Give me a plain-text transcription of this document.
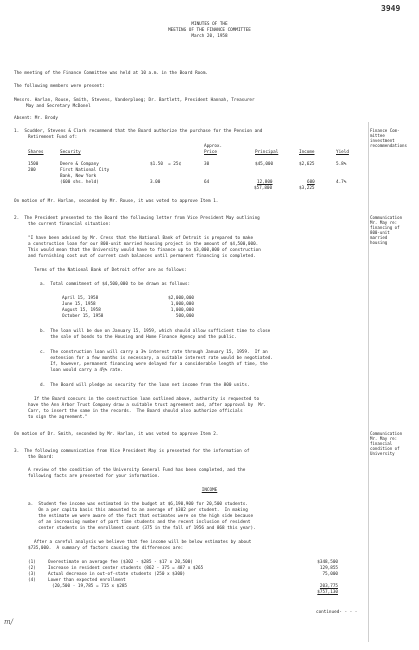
3949
MINUTES OF THE
MEETING OF THE FINANCE COMMITTEE
March 20, 1958
The meeting of the Finance Committee was held at 10 a.m. in the Board Room.
The following members were present:
Messrs. Harlan, Rouse, Smith, Stevens, Vanderploeg; Dr. Bartlett, President Hannah, Treasurer
May and Secretary McDonel
Absent: Mr. Brody
1.  Scudder, Stevens & Clark recommend that the Board authorize the purchase for the Pension and
Retirement Fund of:
Finance Com-
mittee
investment
recommendations
Approx.
Shares	Security	Price	Principal	Income	Yield
1500	Deere & Company	$1.50  = 25¢	30	$45,000	$2,625	5.8%
200	First National City
Bank, New York
(600 shs. held)	3.00	64	12,800	600	4.7%
$57,800	$3,225
On motion of Mr. Harlan, seconded by Mr. Rouse, it was voted to approve Item 1.
2.  The President presented to the Board the following letter from Vice President May outlining
the current financial situation:
Communication
Mr. May re:
financing of
800-unit
married
housing
"I have been advised by Mr. Cress that the National Bank of Detroit is prepared to make
a construction loan for our 800-unit married housing project in the amount of $4,500,000.
This would mean that the University would have to finance up to $3,000,000 of construction
and furnishing cost out of current cash balances until permanent financing is completed.
Terms of the National Bank of Detroit offer are as follows:
a.  Total commitment of $4,500,000 to be drawn as follows:
April 15, 1958	$2,000,000
June 15, 1958	1,000,000
August 15, 1958	1,000,000
October 15, 1958	500,000
b.  The loan will be due on January 15, 1959, which should allow sufficient time to close
the sale of bonds to the Housing and Home Finance Agency and the public.
c.  The construction loan will carry a 3% interest rate through January 15, 1959.  If an
extension for a few months is necessary, a suitable interest rate would be negotiated.
If, however, permanent financing were delayed for a considerable length of time, the
loan would carry a 4½% rate.
d.  The Board will pledge as security for the loan net income from the 800 units.
If the Board concurs in the construction loan outlined above, authority is requested to
have the Ann Arbor Trust Company draw a suitable trust agreement and, after approval by  Mr.
Carr, to insert the same in the records.  The Board should also authorize officials
to sign the agreement."
On motion of Dr. Smith, seconded by Mr. Harlan, it was voted to approve Item 2.
3.  The following communication from Vice President May is presented for the information of
the Board:
Communication
Mr. May re:
financial
condition of
University
A review of the condition of the University General Fund has been completed, and the
following facts are presented for your information.
INCOME
a.  Student fee income was estimated in the budget at $6,190,900 for 20,500 students.
On a per capita basis this amounted to an average of $302 per student.  In making
the estimate we were aware of the fact that estimates were on the high side because
of an increasing number of part time students and the recent inclusion of resident
center students in the enrollment count (375 in the fall of 1956 and 868 this year).
After a careful analysis we believe that fee income will be below estimates by about
$735,000.  A summary of factors causing the differences are:
(1)	Overestimate on average fee ($302 - $285 - $17 x 20,500)	$348,500
(2)	Increase in resident center students (862 - 375 = 487 x $265	129,855
(3)	Actual decrease in out-of-state students (250 x $300)	75,000
(4)	Lower than expected enrollment
(20,500 - 19,785 = 715 x $285	203,775
$757,130
continued- - - -
m/
